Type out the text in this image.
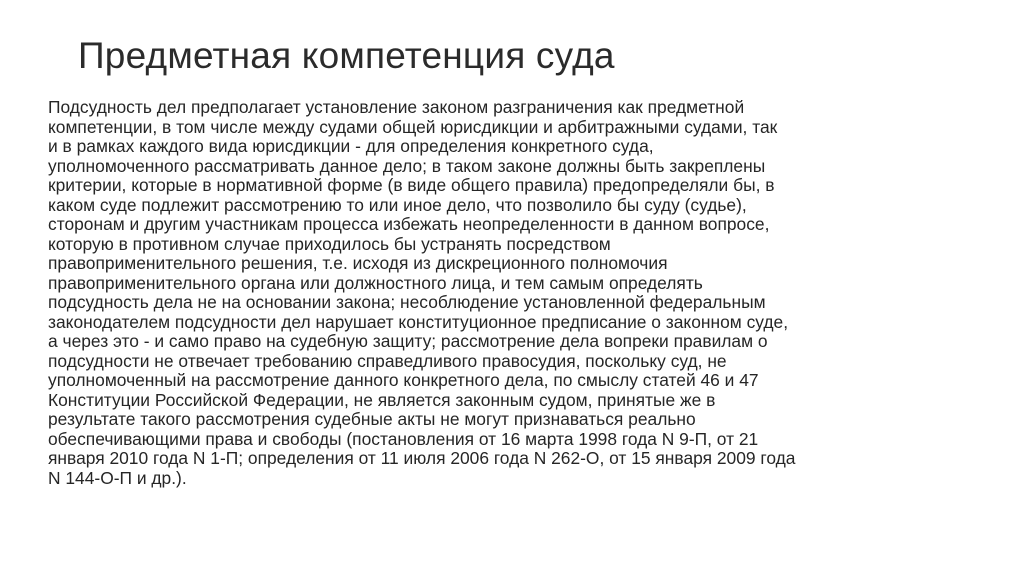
Предметная компетенция суда
Подсудность дел предполагает установление законом разграничения как предметной
компетенции, в том числе между судами общей юрисдикции и арбитражными судами, так
и в рамках каждого вида юрисдикции - для определения конкретного суда,
уполномоченного рассматривать данное дело; в таком законе должны быть закреплены
критерии, которые в нормативной форме (в виде общего правила) предопределяли бы, в
каком суде подлежит рассмотрению то или иное дело, что позволило бы суду (судье),
сторонам и другим участникам процесса избежать неопределенности в данном вопросе,
которую в противном случае приходилось бы устранять посредством
правоприменительного решения, т.е. исходя из дискреционного полномочия
правоприменительного органа или должностного лица, и тем самым определять
подсудность дела не на основании закона; несоблюдение установленной федеральным
законодателем подсудности дел нарушает конституционное предписание о законном суде,
а через это - и само право на судебную защиту; рассмотрение дела вопреки правилам о
подсудности не отвечает требованию справедливого правосудия, поскольку суд, не
уполномоченный на рассмотрение данного конкретного дела, по смыслу статей 46 и 47
Конституции Российской Федерации, не является законным судом, принятые же в
результате такого рассмотрения судебные акты не могут признаваться реально
обеспечивающими права и свободы (постановления от 16 марта 1998 года N 9-П, от 21
января 2010 года N 1-П; определения от 11 июля 2006 года N 262-О, от 15 января 2009 года
N 144-О-П и др.).
